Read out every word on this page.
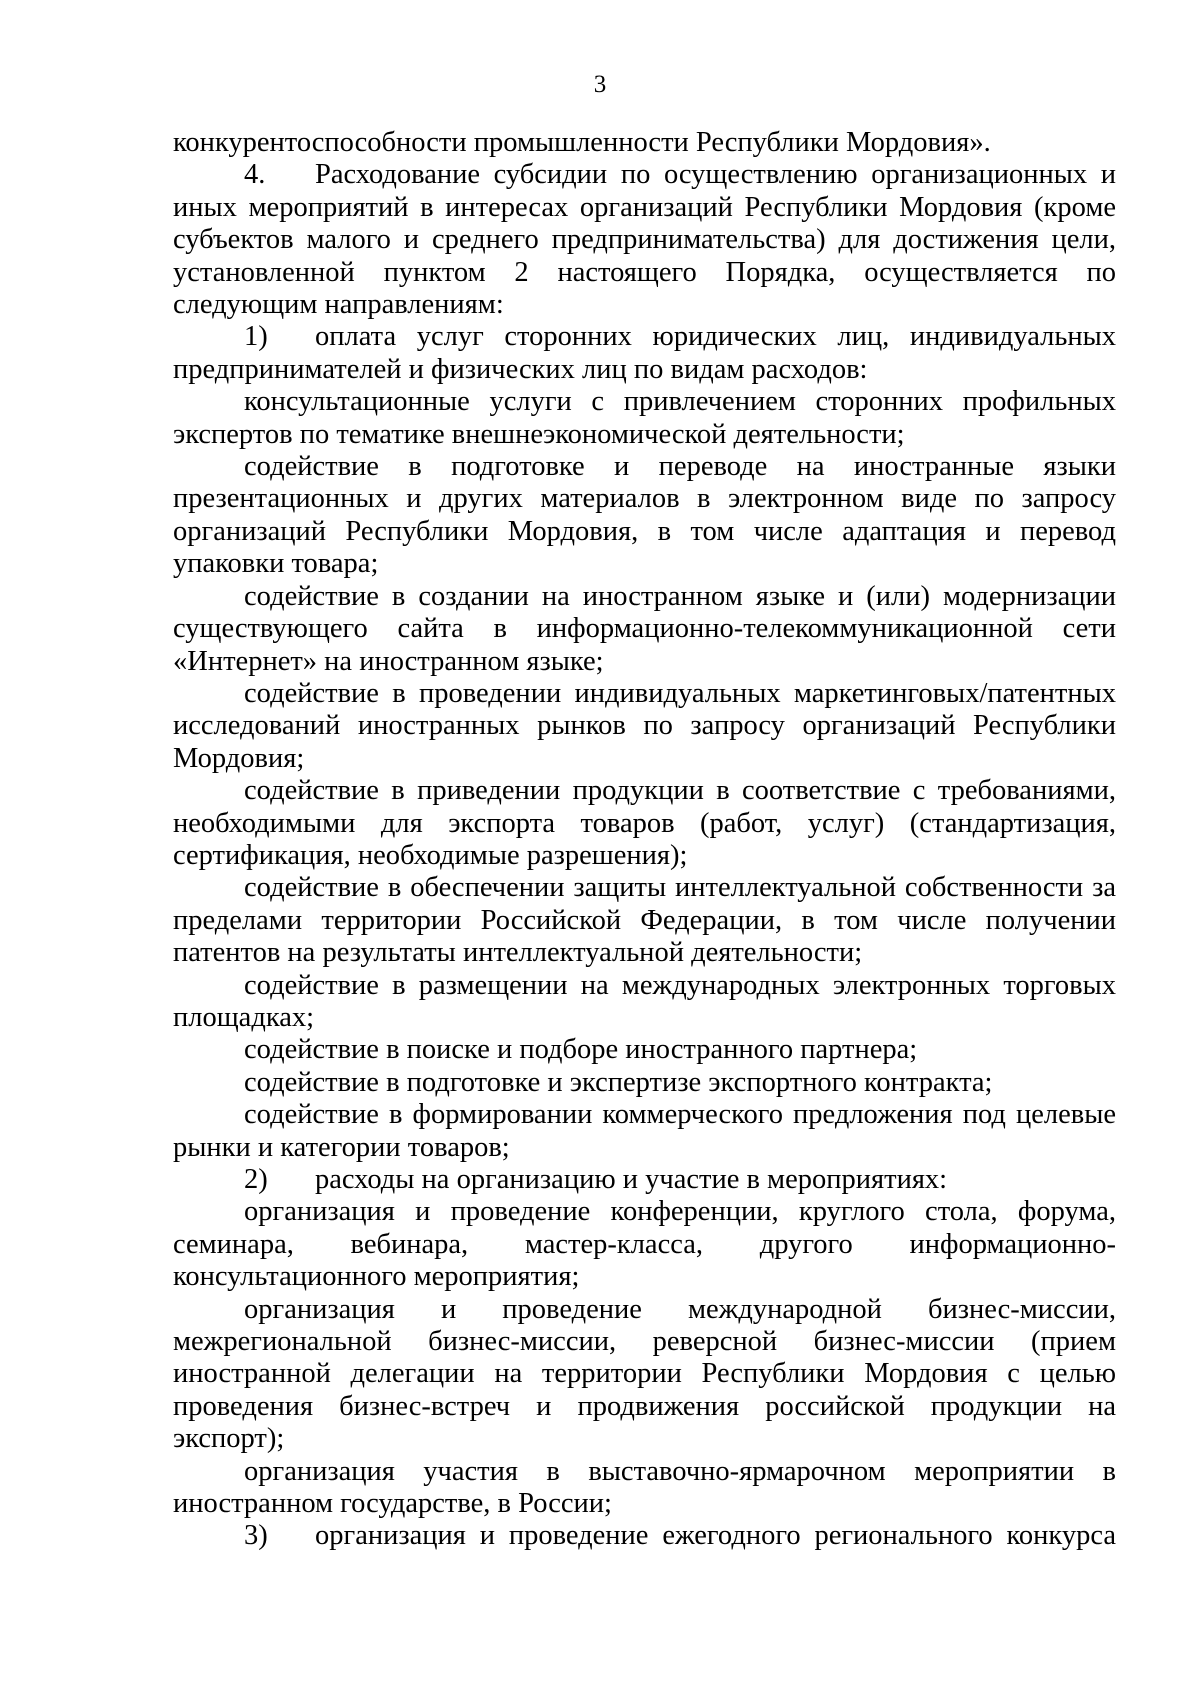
3

конкурентоспособности промышленности Республики Мордовия».

4. Расходование субсидии по осуществлению организационных и иных мероприятий в интересах организаций Республики Мордовия (кроме субъектов малого и среднего предпринимательства) для достижения цели, установленной пунктом 2 настоящего Порядка, осуществляется по следующим направлениям:

1) оплата услуг сторонних юридических лиц, индивидуальных предпринимателей и физических лиц по видам расходов:

консультационные услуги с привлечением сторонних профильных экспертов по тематике внешнеэкономической деятельности;

содействие в подготовке и переводе на иностранные языки презентационных и других материалов в электронном виде по запросу организаций Республики Мордовия, в том числе адаптация и перевод упаковки товара;

содействие в создании на иностранном языке и (или) модернизации существующего сайта в информационно-телекоммуникационной сети «Интернет» на иностранном языке;

содействие в проведении индивидуальных маркетинговых/патентных исследований иностранных рынков по запросу организаций Республики Мордовия;

содействие в приведении продукции в соответствие с требованиями, необходимыми для экспорта товаров (работ, услуг) (стандартизация, сертификация, необходимые разрешения);

содействие в обеспечении защиты интеллектуальной собственности за пределами территории Российской Федерации, в том числе получении патентов на результаты интеллектуальной деятельности;

содействие в размещении на международных электронных торговых площадках;

содействие в поиске и подборе иностранного партнера;

содействие в подготовке и экспертизе экспортного контракта;

содействие в формировании коммерческого предложения под целевые рынки и категории товаров;

2) расходы на организацию и участие в мероприятиях:

организация и проведение конференции, круглого стола, форума, семинара, вебинара, мастер-класса, другого информационно-консультационного мероприятия;

организация и проведение международной бизнес-миссии, межрегиональной бизнес-миссии, реверсной бизнес-миссии (прием иностранной делегации на территории Республики Мордовия с целью проведения бизнес-встреч и продвижения российской продукции на экспорт);

организация участия в выставочно-ярмарочном мероприятии в иностранном государстве, в России;

3) организация и проведение ежегодного регионального конкурса
